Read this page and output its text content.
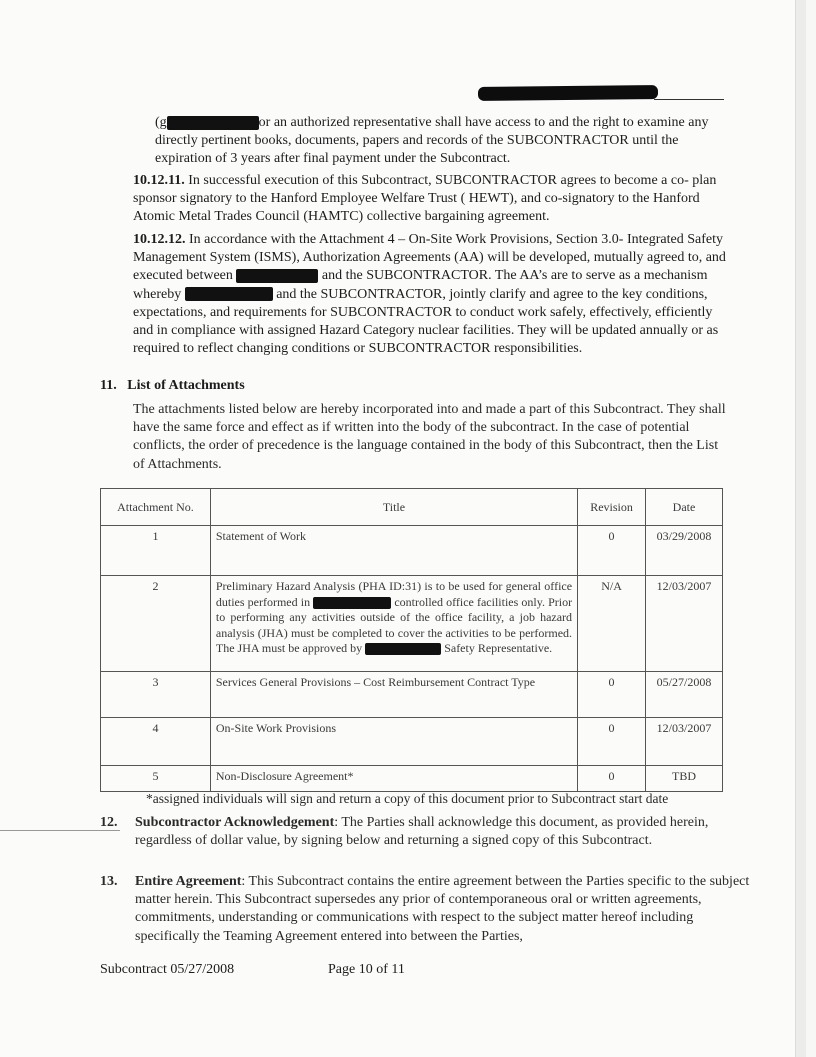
(g	or an authorized representative shall have access to and the right to examine any directly pertinent books, documents, papers and records of the SUBCONTRACTOR until the expiration of 3 years after final payment under the Subcontract.
10.12.11. In successful execution of this Subcontract, SUBCONTRACTOR agrees to become a co- plan sponsor signatory to the Hanford Employee Welfare Trust ( HEWT), and co-signatory to the Hanford Atomic Metal Trades Council (HAMTC) collective bargaining agreement.
10.12.12. In accordance with the Attachment 4 – On-Site Work Provisions, Section 3.0- Integrated Safety Management System (ISMS), Authorization Agreements (AA) will be developed, mutually agreed to, and executed between	and the SUBCONTRACTOR. The AA’s are to serve as a mechanism whereby	and the SUBCONTRACTOR, jointly clarify and agree to the key conditions, expectations, and requirements for SUBCONTRACTOR to conduct work safely, effectively, efficiently and in compliance with assigned Hazard Category nuclear facilities. They will be updated annually or as required to reflect changing conditions or SUBCONTRACTOR responsibilities.
11. List of Attachments
The attachments listed below are hereby incorporated into and made a part of this Subcontract. They shall have the same force and effect as if written into the body of the subcontract. In the case of potential conflicts, the order of precedence is the language contained in the body of this Subcontract, then the List of Attachments.
Attachment No.	Title	Revision	Date
1	Statement of Work	0	03/29/2008
2	Preliminary Hazard Analysis (PHA ID:31) is to be used for general office duties performed in controlled office facilities only. Prior to performing any activities outside of the office facility, a job hazard analysis (JHA) must be completed to cover the activities to be performed. The JHA must be approved by Safety Representative.	N/A	12/03/2007
3	Services General Provisions – Cost Reimbursement Contract Type	0	05/27/2008
4	On-Site Work Provisions	0	12/03/2007
5	Non-Disclosure Agreement*	0	TBD
*assigned individuals will sign and return a copy of this document prior to Subcontract start date
12. Subcontractor Acknowledgement: The Parties shall acknowledge this document, as provided herein, regardless of dollar value, by signing below and returning a signed copy of this Subcontract.
13. Entire Agreement: This Subcontract contains the entire agreement between the Parties specific to the subject matter herein. This Subcontract supersedes any prior of contemporaneous oral or written agreements, commitments, understanding or communications with respect to the subject matter hereof including specifically the Teaming Agreement entered into between the Parties,
Subcontract 05/27/2008	Page 10 of 11
